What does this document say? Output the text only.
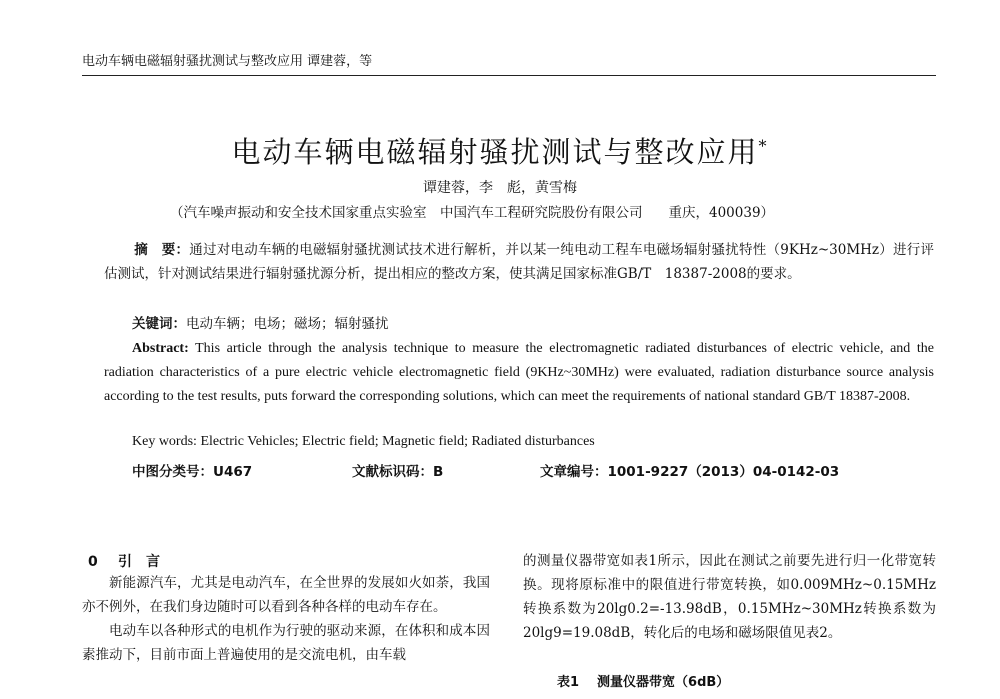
电动车辆电磁辐射骚扰测试与整改应用 谭建蓉，等
电动车辆电磁辐射骚扰测试与整改应用*
谭建蓉，李　彪，黄雪梅
（汽车噪声振动和安全技术国家重点实验室　中国汽车工程研究院股份有限公司 重庆，400039）
摘　要：通过对电动车辆的电磁辐射骚扰测试技术进行解析，并以某一纯电动工程车电磁场辐射骚扰特性（9KHz~30MHz）进行评估测试，针对测试结果进行辐射骚扰源分析，提出相应的整改方案，使其满足国家标准GB/T　18387-2008的要求。
关键词：电动车辆；电场；磁场；辐射骚扰
Abstract: This article through the analysis technique to measure the electromagnetic radiated disturbances of electric vehicle, and the radiation characteristics of a pure electric vehicle electromagnetic field (9KHz~30MHz) were evaluated, radiation disturbance source analysis according to the test results, puts forward the corresponding solutions, which can meet the requirements of national standard GB/T 18387-2008.
Key words: Electric Vehicles; Electric field; Magnetic field; Radiated disturbances
中图分类号：U467	文献标识码：B	文章编号：1001-9227（2013）04-0142-03
0 引　言

新能源汽车，尤其是电动汽车，在全世界的发展如火如荼，我国亦不例外，在我们身边随时可以看到各种各样的电动车存在。

电动车以各种形式的电机作为行驶的驱动来源，在体积和成本因素推动下，目前市面上普遍使用的是交流电机，由车载

的测量仪器带宽如表1所示，因此在测试之前要先进行归一化带宽转换。现将原标准中的限值进行带宽转换，如0.009MHz~0.15MHz转换系数为20lg0.2=-13.98dB，0.15MHz~30MHz转换系数为20lg9=19.08dB，转化后的电场和磁场限值见表2。

表1 测量仪器带宽（6dB）
